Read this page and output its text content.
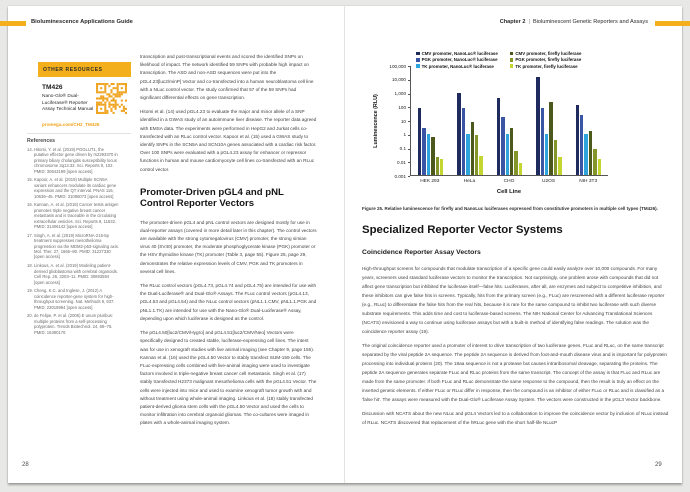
Bioluminescence Applications Guide	Chapter 2 | Bioluminescent Genetic Reporters and Assays
OTHER RESOURCES
TM426
Nano-Glo® Dual-Luciferase® Reporter Assay Technical Manual
promega.com/CH2_TM426
References
14. Hitomi, Y. et al. (2019) POGLUT1, the putative effector gene driven by rs2293370 in primary biliary cholangitis susceptibility locus chromosome 3q13.33. Sci. Reports 9, 102. PMID: 30643199 [open access]
15. Kapoor, A. et al. (2019) Multiple SCN5A variant enhancers modulate its cardiac gene expression and the QT interval. PNAS 116, 10636–45. PMID: 31086073 [open access]
16. Kannan, A. et al. (2019) Cancer testis antigen promotes triple negative breast cancer metastasis and is traceable in the circulating extracellular vesicles. Sci. Reports 9, 11632. PMID: 31406142 [open access]
17. Singh, A. et al. (2019) MicroRNA-215-5p treatment suppresses mesothelioma progression via the MDM2-p53-signaling axis. Mol. Ther. 27, 1665–80. PMID: 31227330 [open access]
18. Linkous, A. et al. (2019) Modeling patient-derived glioblastoma with cerebral organoids. Cell Rep. 26, 3203–11. PMID: 30893594 [open access]
19. Cheng, K.C. and Inglese, J. (2012) A coincidence reporter-gene system for high-throughput screening. Nat. Methods 9, 937. PMID: 23018994 [open access]
20. de Felipe, P. et al. (2006) E unum pluribus: multiple proteins from a self-processing polyprotein. Trends Biotechnol. 24, 68–75. PMID: 16380176

transcription and post-transcriptional events and scored the identified SNPs on likelihood of impact. The network identified 59 SNPs with probable high impact on transcription. The ASD and non-ASD sequences were put into the pGL4.23[luc2/minP] Vector and co-transfected into a human neuroblastoma cell line with a NLuc control vector. The study confirmed that 57 of the 59 SNPs had significant differential effects on gene transcription.

Hitomi et al. (14) used pGL4.23 to evaluate the major and minor allele of a SNP identified in a GWAS study of an autoimmune liver disease. The reporter data agreed with EMSA data. The experiments were performed in HepG2 and Jurkat cells co-transfected with an RLuc control vector. Kapoor et al. (15) used a GWAS study to identify SNPs in the SCN5A and SCN10A genes associated with a cardiac risk factor. Over 100 SNPs were evaluated with a pGL4.23 assay for enhancer or repressor functions in human and mouse cardiomyocyte cell lines co-transfected with an RLuc control vector.

Promoter-Driven pGL4 and pNL Control Reporter Vectors

The promoter-driven pGL4 and pNL control vectors are designed mostly for use in dual-reporter assays (covered in more detail later in this chapter). The control vectors are available with the strong cytomegalovirus (CMV) promoter, the strong simian virus 40 (SV40) promoter, the moderate phosphoglycerate kinase (PGK) promoter or the HSV thymidine kinase (TK) promoter (Table 3, page 55). Figure 25, page 29, demonstrates the relative expression levels of CMV, PGK and TK promoters in several cell lines.

The RLuc control vectors (pGL4.73, pGL4.74 and pGL4.75) are intended for use with the Dual-Luciferase® and Dual-Glo® Assays. The FLuc control vectors (pGL4.13, pGL4.53 and pGL4.54) and the NLuc control vectors (pNL1.1.CMV, pNL1.1.PGK and pNL1.1.TK) are intended for use with the Nano-Glo® Dual-Luciferase® Assay, depending upon which luciferase is designed as the control.

The pGL4.50[luc2/CMV/Hygro] and pGL4.51[luc2/CMV/Neo] Vectors were specifically designed to created stable, luciferase-expressing cell lines. The intent was for use in xenograft studies with live animal imaging (see Chapter 9, page 156). Kannan et al. (16) used the pGL4.50 Vector to stably transfect SUM-159 cells. The FLuc-expressing cells combined with live-animal imaging were used to investigate factors involved in triple-negative breast cancer cell metastasis. Singh et al. (17) stably transfected H2373 malignant mesothelioma cells with the pGL4.51 Vector. The cells were injected into mice and used to examine xenograft tumor growth with and without treatment using whole-animal imaging. Linkous et al. (18) stably transfected patient-derived glioma stem cells with the pGL4.50 Vector and used the cells to monitor infiltration into cerebral organoid gliomas. The co-cultures were imaged in plates with a whole-animal imaging system.

28
CMV promoter, NanoLuc® luciferase
PGK promoter, NanoLuc® luciferase
TK promoter, NanoLuc® luciferase
CMV promoter, firefly luciferase
PGK promoter, firefly luciferase
TK promoter, firefly luciferase
Luminescence (RLU)
HEK 293	HeLa	CHO	U2OS	NIH 3T3
Cell Line
100,000
10,000
1,000
100
10
1
0.1
0.01
0.001
Figure 25. Relative luminescence for firefly and NanoLuc luciferases expressed from constitutive promoters in multiple cell types (TM426).
Specialized Reporter Vector Systems
Coincidence Reporter Assay Vectors

High-throughput screens for compounds that modulate transcription of a specific gene could easily analyze over 10,000 compounds. For many years, screeners used standard luciferase vectors to monitor the transcription. Not surprisingly, one problem arose with compounds that did not affect gene transcription but inhibited the luciferase itself—false hits. Luciferases, after all, are enzymes and subject to competitive inhibition, and these inhibitors can give false hits in screens. Typically, hits from the primary screen (e.g., FLuc) are rescreened with a different luciferase reporter (e.g., RLuc) to differentiate the false hits from the real hits, because it is rare for the same compound to inhibit two luciferase with such diverse substrate requirements. This adds time and cost to luciferase-based screens. The NIH National Center for Advancing Translational Sciences (NCATS) envisioned a way to continue using luciferase assays but with a built-in method of identifying false readings. The solution was the coincidence reporter assay (19).

The original coincidence reporter used a promoter of interest to drive transcription of two luciferase genes, FLuc and RLuc, on the same transcript separated by the viral peptide 2A sequence. The peptide 2A sequence is derived from foot-and-mouth disease virus and is important for polyprotein processing into individual proteins (20). The 18aa sequence is not a protease but causes intraribosomal cleavage, separating the proteins. The peptide 2A sequence generates separate FLuc and RLuc proteins from the same transcript. The concept of the assay is that FLuc and RLuc are made from the same promoter. If both FLuc and RLuc demonstrate the same response to the compound, then the result is truly an effect on the inserted genetic elements. If either FLuc or RLuc differ in response, then the compound is an inhibitor of either FLuc or RLuc and is classified as a 'false hit'. The assays were measured with the Dual-Glo® Luciferase Assay System. The vectors were constructed in the pGL3 Vector backbone.

Discussion with NCATS about the new NLuc and pGL4 Vectors led to a collaboration to improve the coincidence vector by inclusion of NLuc instead of RLuc. NCATS discovered that replacement of the hRLuc gene with the short half-life NLucP

29
